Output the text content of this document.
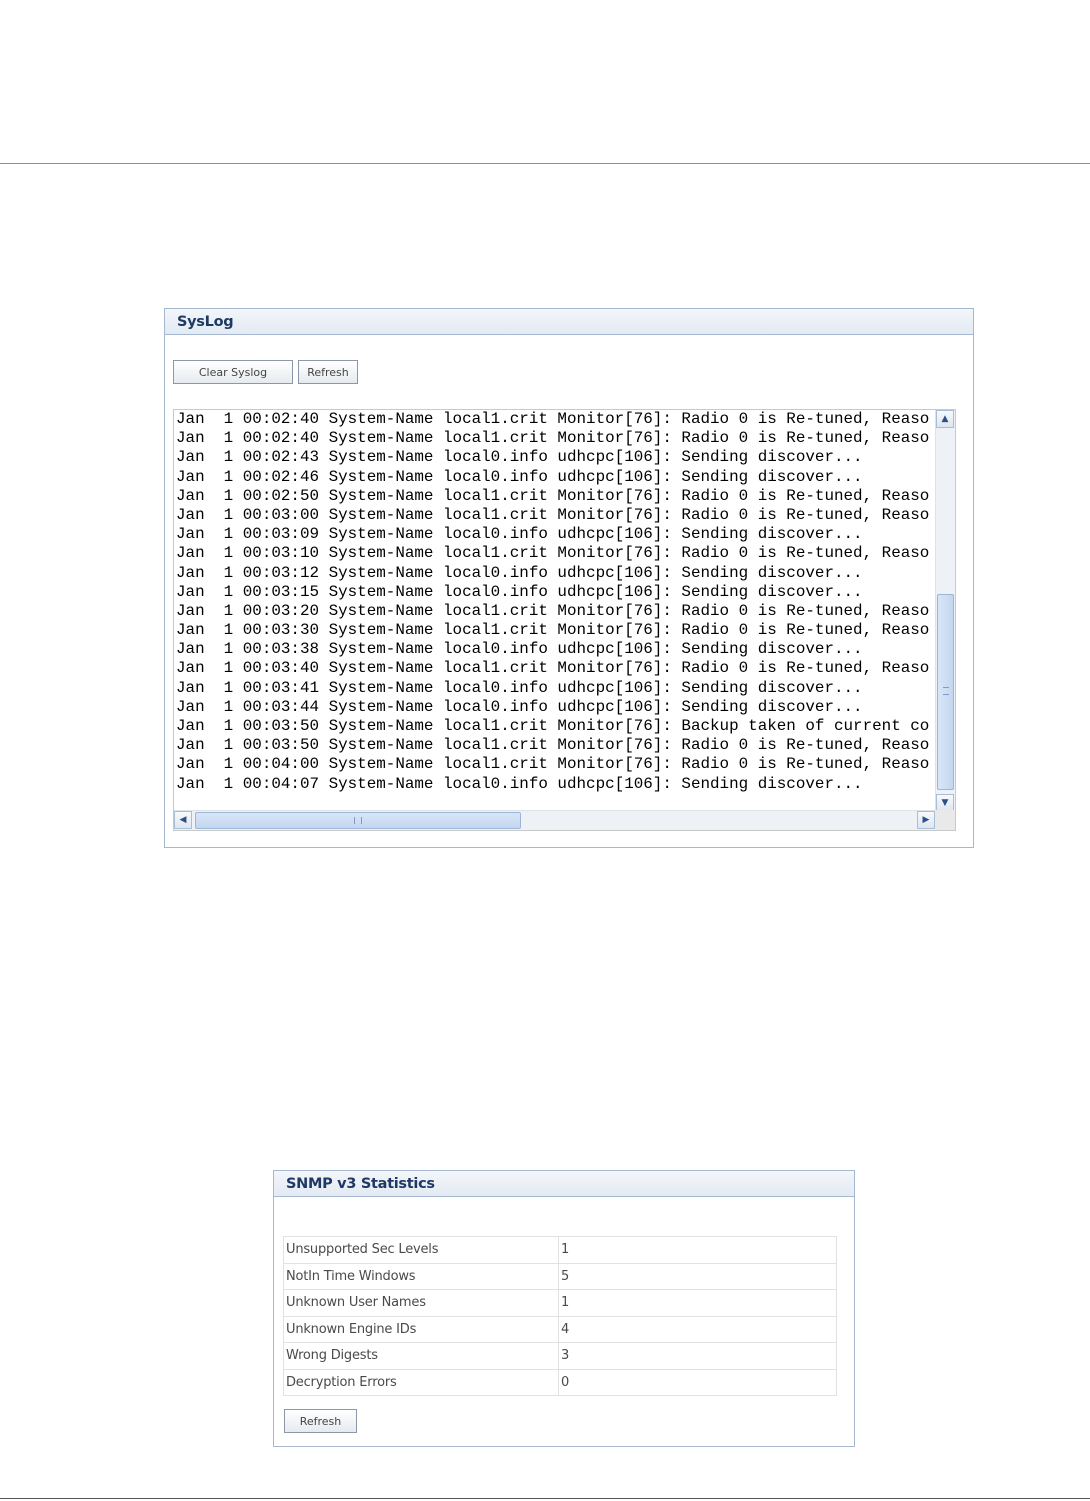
SysLog
Clear Syslog	Refresh
Jan  1 00:02:40 System-Name local1.crit Monitor[76]: Radio 0 is Re-tuned, Reaso
Jan  1 00:02:40 System-Name local1.crit Monitor[76]: Radio 0 is Re-tuned, Reaso
Jan  1 00:02:43 System-Name local0.info udhcpc[106]: Sending discover...
Jan  1 00:02:46 System-Name local0.info udhcpc[106]: Sending discover...
Jan  1 00:02:50 System-Name local1.crit Monitor[76]: Radio 0 is Re-tuned, Reaso
Jan  1 00:03:00 System-Name local1.crit Monitor[76]: Radio 0 is Re-tuned, Reaso
Jan  1 00:03:09 System-Name local0.info udhcpc[106]: Sending discover...
Jan  1 00:03:10 System-Name local1.crit Monitor[76]: Radio 0 is Re-tuned, Reaso
Jan  1 00:03:12 System-Name local0.info udhcpc[106]: Sending discover...
Jan  1 00:03:15 System-Name local0.info udhcpc[106]: Sending discover...
Jan  1 00:03:20 System-Name local1.crit Monitor[76]: Radio 0 is Re-tuned, Reaso
Jan  1 00:03:30 System-Name local1.crit Monitor[76]: Radio 0 is Re-tuned, Reaso
Jan  1 00:03:38 System-Name local0.info udhcpc[106]: Sending discover...
Jan  1 00:03:40 System-Name local1.crit Monitor[76]: Radio 0 is Re-tuned, Reaso
Jan  1 00:03:41 System-Name local0.info udhcpc[106]: Sending discover...
Jan  1 00:03:44 System-Name local0.info udhcpc[106]: Sending discover...
Jan  1 00:03:50 System-Name local1.crit Monitor[76]: Backup taken of current co
Jan  1 00:03:50 System-Name local1.crit Monitor[76]: Radio 0 is Re-tuned, Reaso
Jan  1 00:04:00 System-Name local1.crit Monitor[76]: Radio 0 is Re-tuned, Reaso
Jan  1 00:04:07 System-Name local0.info udhcpc[106]: Sending discover...
▲
▼
◀	▶
SNMP v3 Statistics
Unsupported Sec Levels	1
NotIn Time Windows	5
Unknown User Names	1
Unknown Engine IDs	4
Wrong Digests	3
Decryption Errors	0
Refresh
